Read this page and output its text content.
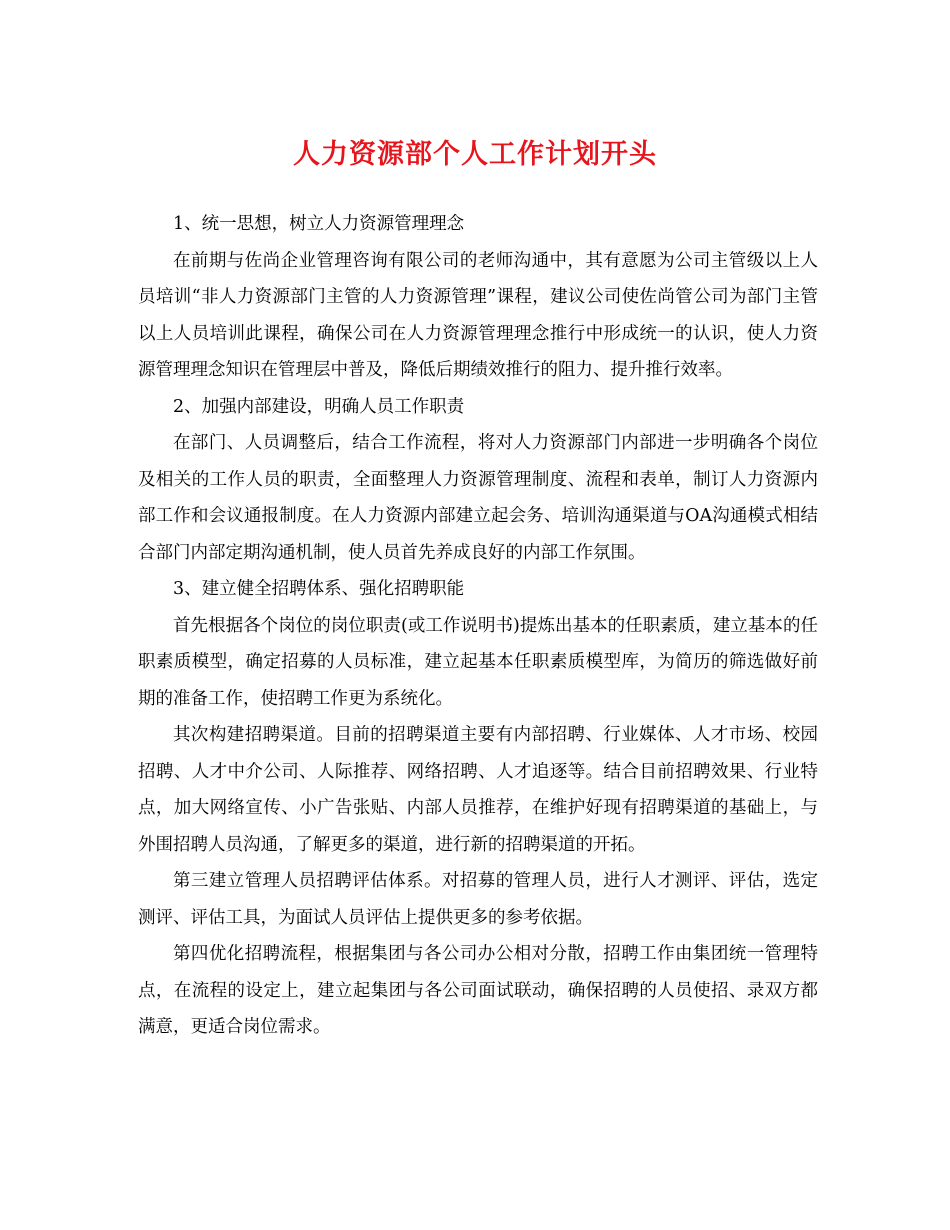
人力资源部个人工作计划开头

1、统一思想，树立人力资源管理理念

在前期与佐尚企业管理咨询有限公司的老师沟通中，其有意愿为公司主管级以上人员培训“非人力资源部门主管的人力资源管理”课程，建议公司使佐尚管公司为部门主管以上人员培训此课程，确保公司在人力资源管理理念推行中形成统一的认识，使人力资源管理理念知识在管理层中普及，降低后期绩效推行的阻力、提升推行效率。

2、加强内部建设，明确人员工作职责

在部门、人员调整后，结合工作流程，将对人力资源部门内部进一步明确各个岗位及相关的工作人员的职责，全面整理人力资源管理制度、流程和表单，制订人力资源内部工作和会议通报制度。在人力资源内部建立起会务、培训沟通渠道与OA沟通模式相结合部门内部定期沟通机制，使人员首先养成良好的内部工作氛围。

3、建立健全招聘体系、强化招聘职能

首先根据各个岗位的岗位职责(或工作说明书)提炼出基本的任职素质，建立基本的任职素质模型，确定招募的人员标准，建立起基本任职素质模型库，为简历的筛选做好前期的准备工作，使招聘工作更为系统化。

其次构建招聘渠道。目前的招聘渠道主要有内部招聘、行业媒体、人才市场、校园招聘、人才中介公司、人际推荐、网络招聘、人才追逐等。结合目前招聘效果、行业特点，加大网络宣传、小广告张贴、内部人员推荐，在维护好现有招聘渠道的基础上，与外围招聘人员沟通，了解更多的渠道，进行新的招聘渠道的开拓。

第三建立管理人员招聘评估体系。对招募的管理人员，进行人才测评、评估，选定测评、评估工具，为面试人员评估上提供更多的参考依据。

第四优化招聘流程，根据集团与各公司办公相对分散，招聘工作由集团统一管理特点，在流程的设定上，建立起集团与各公司面试联动，确保招聘的人员使招、录双方都满意，更适合岗位需求。
